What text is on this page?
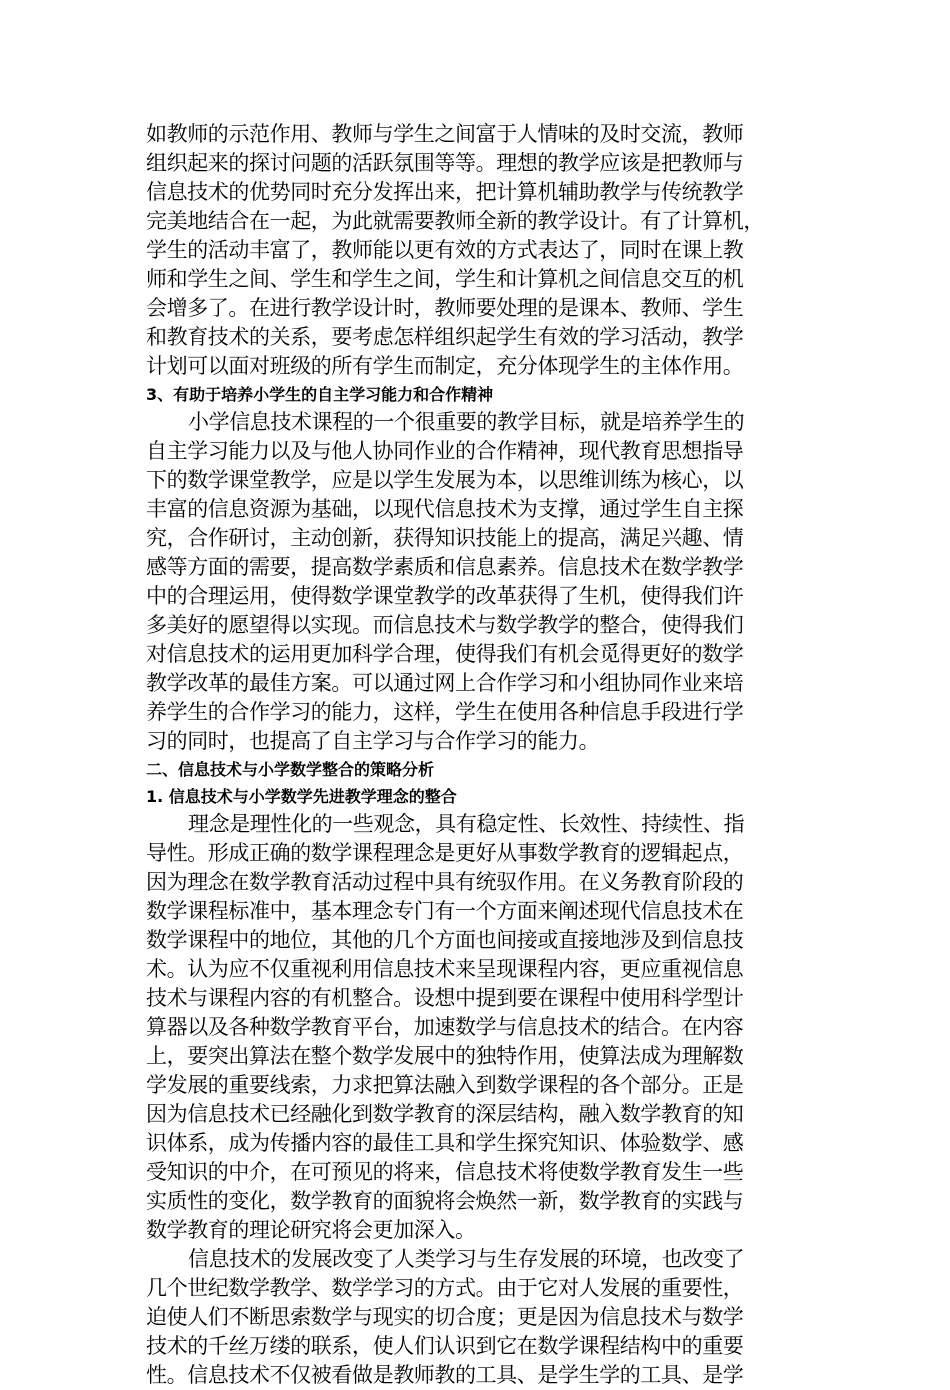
如教师的示范作用、教师与学生之间富于人情味的及时交流，教师
组织起来的探讨问题的活跃氛围等等。理想的教学应该是把教师与
信息技术的优势同时充分发挥出来，把计算机辅助教学与传统教学
完美地结合在一起，为此就需要教师全新的教学设计。有了计算机，
学生的活动丰富了，教师能以更有效的方式表达了，同时在课上教
师和学生之间、学生和学生之间，学生和计算机之间信息交互的机
会增多了。在进行教学设计时，教师要处理的是课本、教师、学生
和教育技术的关系，要考虑怎样组织起学生有效的学习活动，教学
计划可以面对班级的所有学生而制定，充分体现学生的主体作用。
3、有助于培养小学生的自主学习能力和合作精神
小学信息技术课程的一个很重要的教学目标，就是培养学生的
自主学习能力以及与他人协同作业的合作精神，现代教育思想指导
下的数学课堂教学，应是以学生发展为本，以思维训练为核心，以
丰富的信息资源为基础，以现代信息技术为支撑，通过学生自主探
究，合作研讨，主动创新，获得知识技能上的提高，满足兴趣、情
感等方面的需要，提高数学素质和信息素养。信息技术在数学教学
中的合理运用，使得数学课堂教学的改革获得了生机，使得我们许
多美好的愿望得以实现。而信息技术与数学教学的整合，使得我们
对信息技术的运用更加科学合理，使得我们有机会觅得更好的数学
教学改革的最佳方案。可以通过网上合作学习和小组协同作业来培
养学生的合作学习的能力，这样，学生在使用各种信息手段进行学
习的同时，也提高了自主学习与合作学习的能力。
二、信息技术与小学数学整合的策略分析
1. 信息技术与小学数学先进教学理念的整合
理念是理性化的一些观念，具有稳定性、长效性、持续性、指
导性。形成正确的数学课程理念是更好从事数学教育的逻辑起点，
因为理念在数学教育活动过程中具有统驭作用。在义务教育阶段的
数学课程标准中，基本理念专门有一个方面来阐述现代信息技术在
数学课程中的地位，其他的几个方面也间接或直接地涉及到信息技
术。认为应不仅重视利用信息技术来呈现课程内容，更应重视信息
技术与课程内容的有机整合。设想中提到要在课程中使用科学型计
算器以及各种数学教育平台，加速数学与信息技术的结合。在内容
上，要突出算法在整个数学发展中的独特作用，使算法成为理解数
学发展的重要线索，力求把算法融入到数学课程的各个部分。正是
因为信息技术已经融化到数学教育的深层结构，融入数学教育的知
识体系，成为传播内容的最佳工具和学生探究知识、体验数学、感
受知识的中介，在可预见的将来，信息技术将使数学教育发生一些
实质性的变化，数学教育的面貌将会焕然一新，数学教育的实践与
数学教育的理论研究将会更加深入。
信息技术的发展改变了人类学习与生存发展的环境，也改变了
几个世纪数学教学、数学学习的方式。由于它对人发展的重要性，
迫使人们不断思索数学与现实的切合度；更是因为信息技术与数学
技术的千丝万缕的联系，使人们认识到它在数学课程结构中的重要
性。信息技术不仅被看做是教师教的工具、是学生学的工具、是学
